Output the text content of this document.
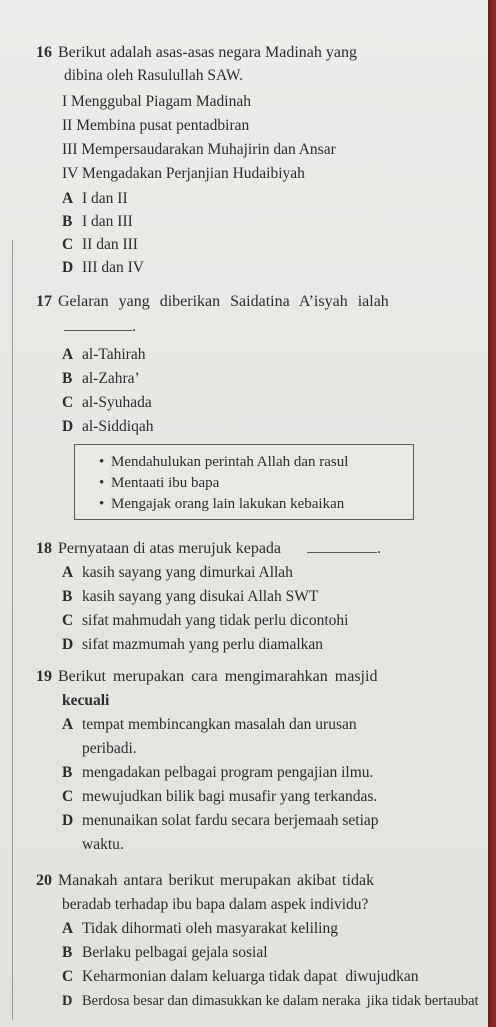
16 Berikut adalah asas-asas negara Madinah yang
dibina oleh Rasulullah SAW.
I Menggubal Piagam Madinah
II Membina pusat pentadbiran
III Mempersaudarakan Muhajirin dan Ansar
IV Mengadakan Perjanjian Hudaibiyah
A I dan II
B I dan III
C II dan III
D III dan IV
17 Gelaran yang diberikan Saidatina A’isyah ialah
.
A al-Tahirah
B al-Zahra’
C al-Syuhada
D al-Siddiqah
• Mendahulukan perintah Allah dan rasul
• Mentaati ibu bapa
• Mengajak orang lain lakukan kebaikan
18 Pernyataan di atas merujuk kepada	.
A kasih sayang yang dimurkai Allah
B kasih sayang yang disukai Allah SWT
C sifat mahmudah yang tidak perlu dicontohi
D sifat mazmumah yang perlu diamalkan
19 Berikut merupakan cara mengimarahkan masjid
kecuali
A tempat membincangkan masalah dan urusan
peribadi.
B mengadakan pelbagai program pengajian ilmu.
C mewujudkan bilik bagi musafir yang terkandas.
D menunaikan solat fardu secara berjemaah setiap
waktu.
20 Manakah antara berikut merupakan akibat tidak
beradab terhadap ibu bapa dalam aspek individu?
A Tidak dihormati oleh masyarakat keliling
B Berlaku pelbagai gejala sosial
C Keharmonian dalam keluarga tidak dapat diwujudkan
D Berdosa besar dan dimasukkan ke dalam neraka jika tidak bertaubat
